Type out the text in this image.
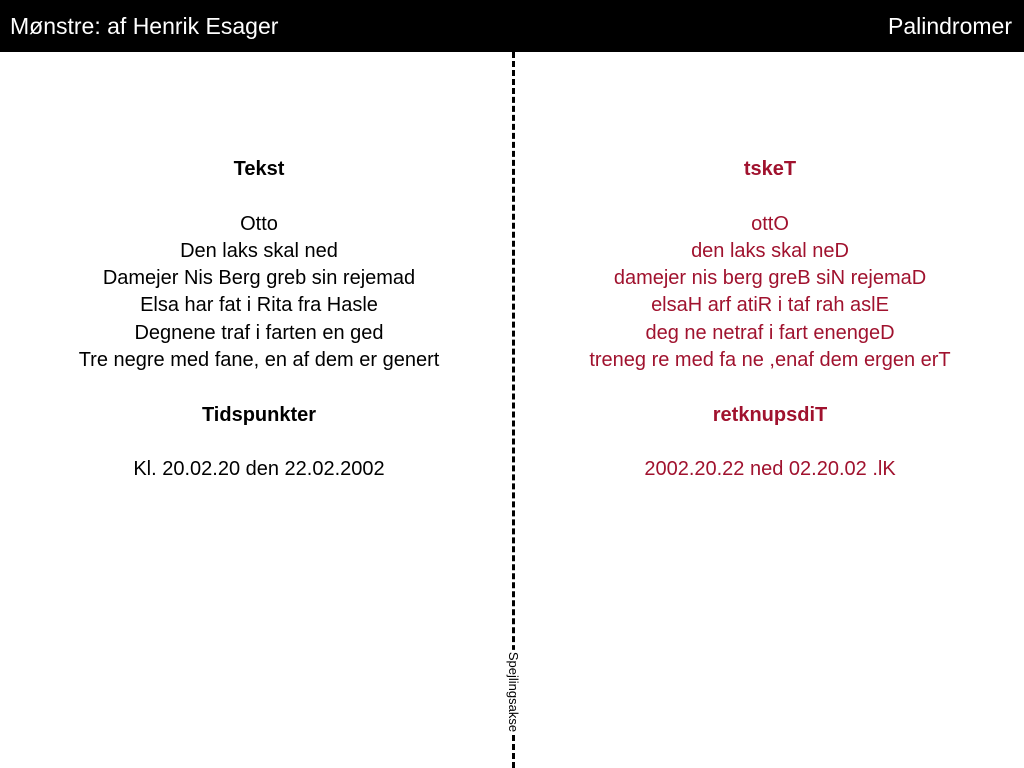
Mønstre: af Henrik Esager	Palindromer
Spejlingsakse
Tekst
Otto
Den laks skal ned
Damejer Nis Berg greb sin rejemad
Elsa har fat i Rita fra Hasle
Degnene traf i farten en ged
Tre negre med fane, en af dem er genert
Tidspunkter
Kl. 20.02.20 den 22.02.2002
tskeT
ottO
den laks skal neD
damejer nis berg greB siN rejemaD
elsaH arf atiR i taf rah aslE
deg ne netraf i fart enengeD
treneg re med fa ne ,enaf dem ergen erT
retknupsdiT
2002.20.22 ned 02.20.02 .lK
